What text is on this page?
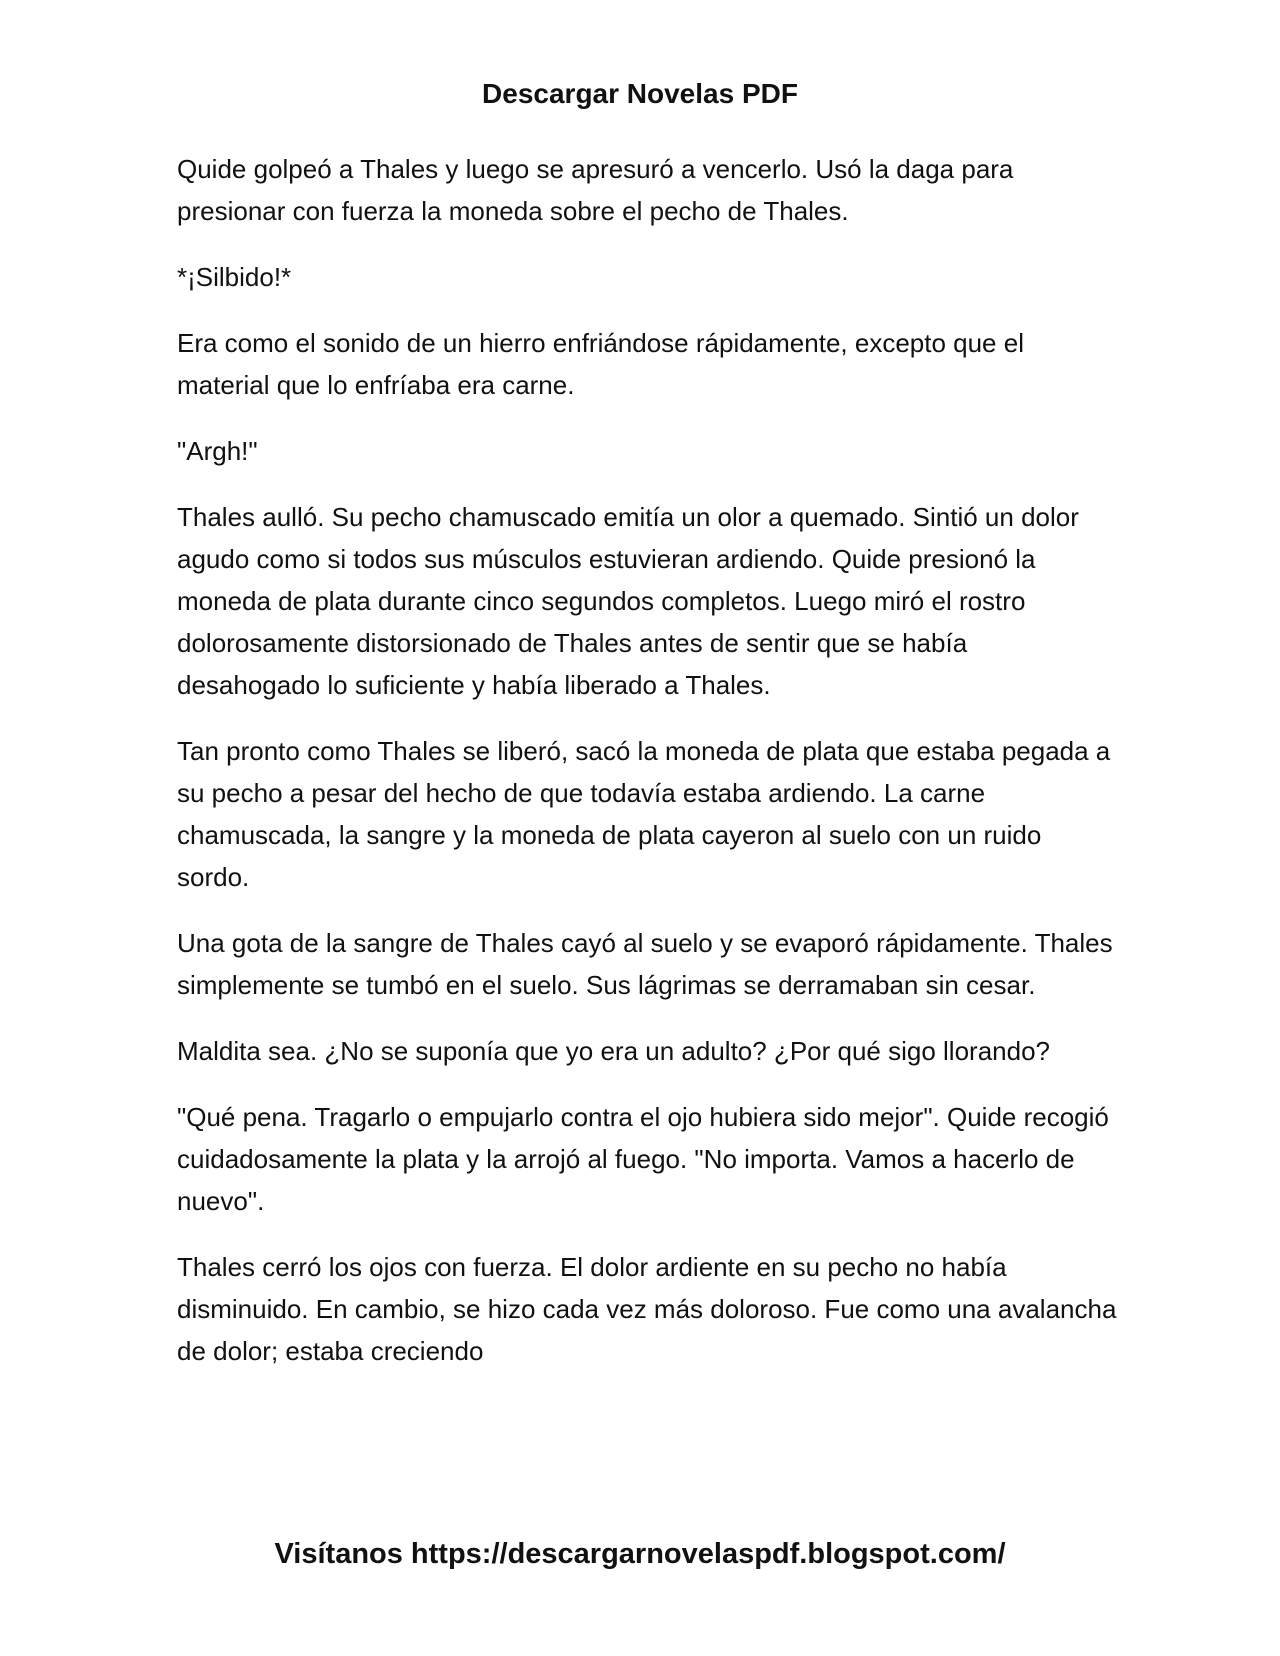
Descargar Novelas PDF

Quide golpeó a Thales y luego se apresuró a vencerlo. Usó la daga para presionar con fuerza la moneda sobre el pecho de Thales.

*¡Silbido!*

Era como el sonido de un hierro enfriándose rápidamente, excepto que el material que lo enfríaba era carne.

"Argh!"

Thales aulló. Su pecho chamuscado emitía un olor a quemado. Sintió un dolor agudo como si todos sus músculos estuvieran ardiendo. Quide presionó la moneda de plata durante cinco segundos completos. Luego miró el rostro dolorosamente distorsionado de Thales antes de sentir que se había desahogado lo suficiente y había liberado a Thales.

Tan pronto como Thales se liberó, sacó la moneda de plata que estaba pegada a su pecho a pesar del hecho de que todavía estaba ardiendo. La carne chamuscada, la sangre y la moneda de plata cayeron al suelo con un ruido sordo.

Una gota de la sangre de Thales cayó al suelo y se evaporó rápidamente. Thales simplemente se tumbó en el suelo. Sus lágrimas se derramaban sin cesar.

Maldita sea. ¿No se suponía que yo era un adulto? ¿Por qué sigo llorando?

"Qué pena. Tragarlo o empujarlo contra el ojo hubiera sido mejor". Quide recogió cuidadosamente la plata y la arrojó al fuego. "No importa. Vamos a hacerlo de nuevo".

Thales cerró los ojos con fuerza. El dolor ardiente en su pecho no había disminuido. En cambio, se hizo cada vez más doloroso. Fue como una avalancha de dolor; estaba creciendo

Visítanos https://descargarnovelaspdf.blogspot.com/
